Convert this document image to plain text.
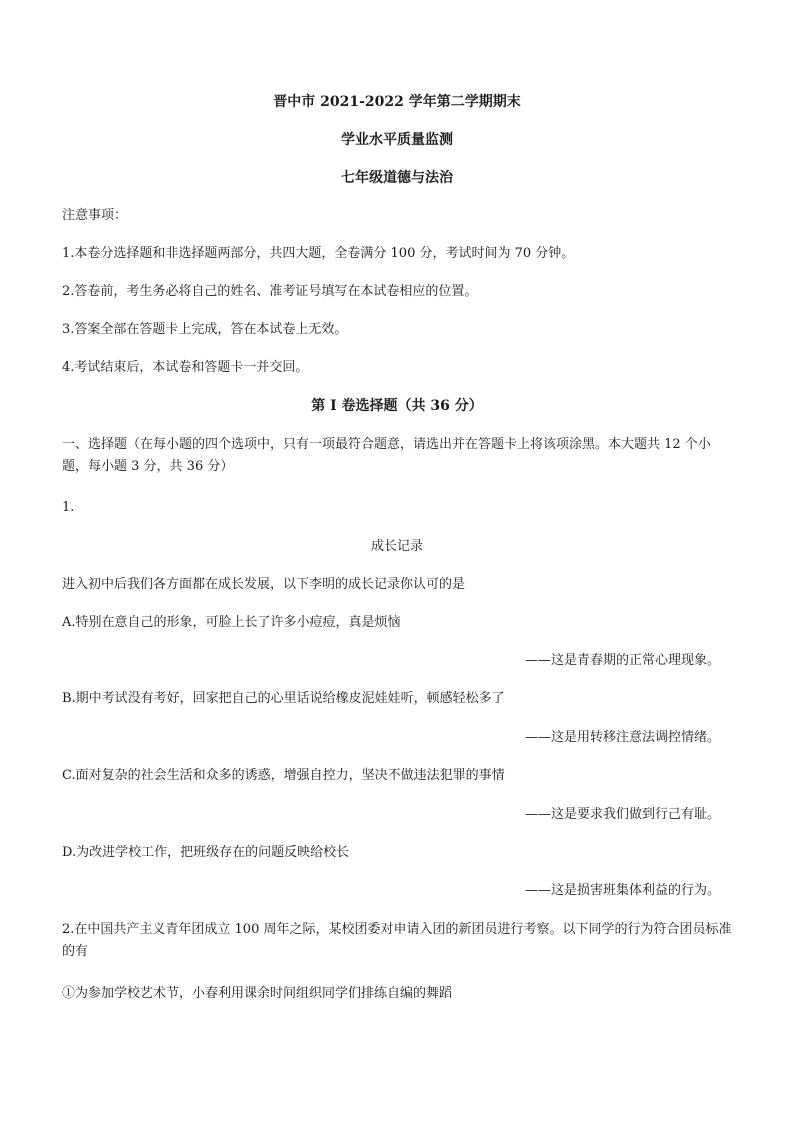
晋中市 2021-2022 学年第二学期期末
学业水平质量监测
七年级道德与法治
注意事项：
1.本卷分选择题和非选择题两部分，共四大题，全卷满分 100 分，考试时间为 70 分钟。
2.答卷前，考生务必将自己的姓名、准考证号填写在本试卷相应的位置。
3.答案全部在答题卡上完成，答在本试卷上无效。
4.考试结束后，本试卷和答题卡一并交回。
第 I 卷选择题（共 36 分）
一、选择题（在每小题的四个选项中，只有一项最符合题意，请选出并在答题卡上将该项涂黑。本大题共 12 个小题，每小题 3 分，共 36 分）
1.
成长记录
进入初中后我们各方面都在成长发展，以下李明的成长记录你认可的是
A.特别在意自己的形象，可脸上长了许多小痘痘，真是烦恼
——这是青春期的正常心理现象。
B.期中考试没有考好，回家把自己的心里话说给橡皮泥娃娃听，顿感轻松多了
——这是用转移注意法调控情绪。
C.面对复杂的社会生活和众多的诱惑，增强自控力，坚决不做违法犯罪的事情
——这是要求我们做到行己有耻。
D.为改进学校工作，把班级存在的问题反映给校长
——这是损害班集体利益的行为。
2.在中国共产主义青年团成立 100 周年之际，某校团委对申请入团的新团员进行考察。以下同学的行为符合团员标准的有
①为参加学校艺术节，小春利用课余时间组织同学们排练自编的舞蹈
